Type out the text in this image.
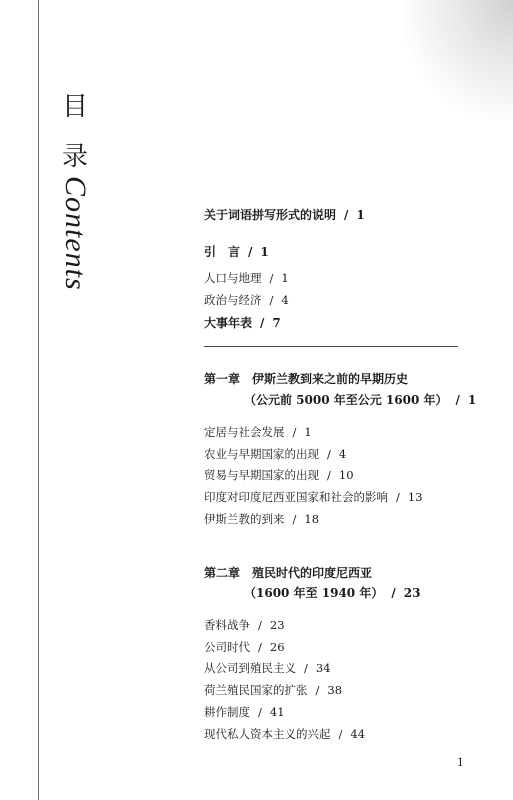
目
录
Contents	关于词语拼写形式的说明 / 1
引　言 / 1
人口与地理 / 1
政治与经济 / 4
大事年表 / 7
第一章　伊斯兰教到来之前的早期历史
（公元前 5000 年至公元 1600 年） / 1
定居与社会发展 / 1
农业与早期国家的出现 / 4
贸易与早期国家的出现 / 10
印度对印度尼西亚国家和社会的影响 / 13
伊斯兰教的到来 / 18
第二章　殖民时代的印度尼西亚
（1600 年至 1940 年） / 23
香料战争 / 23
公司时代 / 26
从公司到殖民主义 / 34
荷兰殖民国家的扩张 / 38
耕作制度 / 41
现代私人资本主义的兴起 / 44
1
